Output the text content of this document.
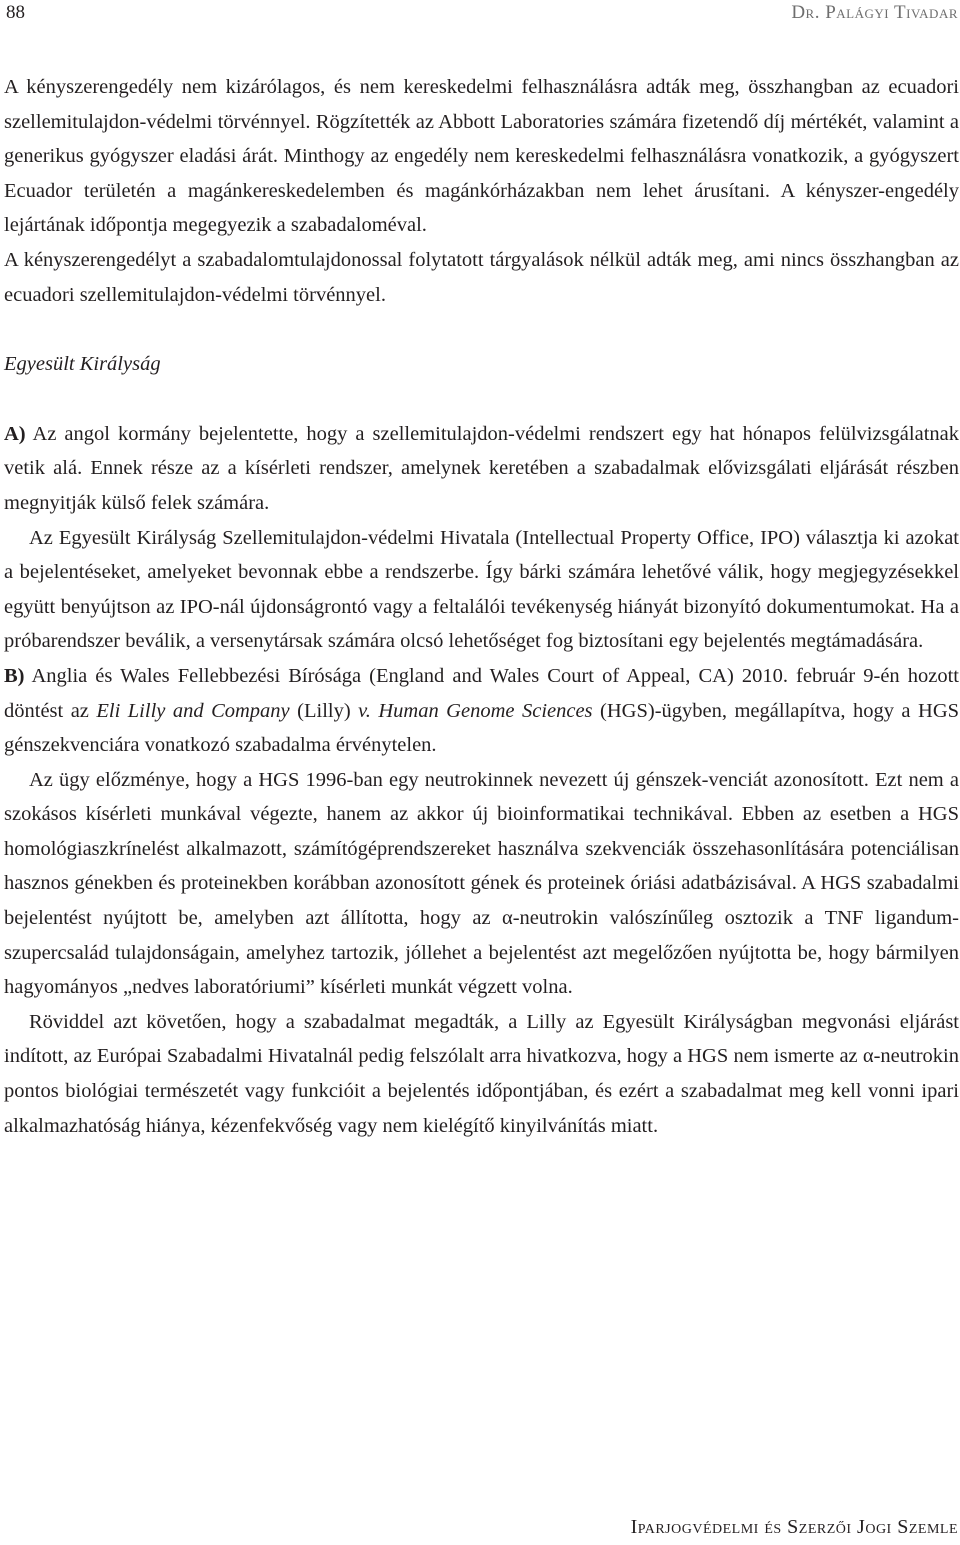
88	Dr. Palágyi Tivadar

A kényszerengedély nem kizárólagos, és nem kereskedelmi felhasználásra adták meg, összhangban az ecuadori szellemitulajdon-védelmi törvénnyel. Rögzítették az Abbott Laboratories számára fizetendő díj mértékét, valamint a generikus gyógyszer eladási árát. Minthogy az engedély nem kereskedelmi felhasználásra vonatkozik, a gyógyszert Ecuador területén a magánkereskedelemben és magánkórházakban nem lehet árusítani. A kényszer-engedély lejártának időpontja megegyezik a szabadaloméval.

A kényszerengedélyt a szabadalomtulajdonossal folytatott tárgyalások nélkül adták meg, ami nincs összhangban az ecuadori szellemitulajdon-védelmi törvénnyel.

Egyesült Királyság

A) Az angol kormány bejelentette, hogy a szellemitulajdon-védelmi rendszert egy hat hónapos felülvizsgálatnak vetik alá. Ennek része az a kísérleti rendszer, amelynek keretében a szabadalmak elővizsgálati eljárását részben megnyitják külső felek számára.

Az Egyesült Királyság Szellemitulajdon-védelmi Hivatala (Intellectual Property Office, IPO) választja ki azokat a bejelentéseket, amelyeket bevonnak ebbe a rendszerbe. Így bárki számára lehetővé válik, hogy megjegyzésekkel együtt benyújtson az IPO-nál újdonságrontó vagy a feltalálói tevékenység hiányát bizonyító dokumentumokat. Ha a próbarendszer beválik, a versenytársak számára olcsó lehetőséget fog biztosítani egy bejelentés megtámadására.

B) Anglia és Wales Fellebbezési Bírósága (England and Wales Court of Appeal, CA) 2010. február 9-én hozott döntést az Eli Lilly and Company (Lilly) v. Human Genome Sciences (HGS)-ügyben, megállapítva, hogy a HGS génszekvenciára vonatkozó szabadalma érvénytelen.

Az ügy előzménye, hogy a HGS 1996-ban egy neutrokinnek nevezett új génszek-venciát azonosított. Ezt nem a szokásos kísérleti munkával végezte, hanem az akkor új bioinformatikai technikával. Ebben az esetben a HGS homológiaszkrínelést alkalmazott, számítógéprendszereket használva szekvenciák összehasonlítására potenciálisan hasznos génekben és proteinekben korábban azonosított gének és proteinek óriási adatbázisával. A HGS szabadalmi bejelentést nyújtott be, amelyben azt állította, hogy az α-neutrokin valószínűleg osztozik a TNF ligandum-szupercsalád tulajdonságain, amelyhez tartozik, jóllehet a bejelentést azt megelőzően nyújtotta be, hogy bármilyen hagyományos „nedves laboratóriumi” kísérleti munkát végzett volna.

Röviddel azt követően, hogy a szabadalmat megadták, a Lilly az Egyesült Királyságban megvonási eljárást indított, az Európai Szabadalmi Hivatalnál pedig felszólalt arra hivatkozva, hogy a HGS nem ismerte az α-neutrokin pontos biológiai természetét vagy funkcióit a bejelentés időpontjában, és ezért a szabadalmat meg kell vonni ipari alkalmazhatóság hiánya, kézenfekvőség vagy nem kielégítő kinyilvánítás miatt.

Iparjogvédelmi és Szerzői Jogi Szemle
